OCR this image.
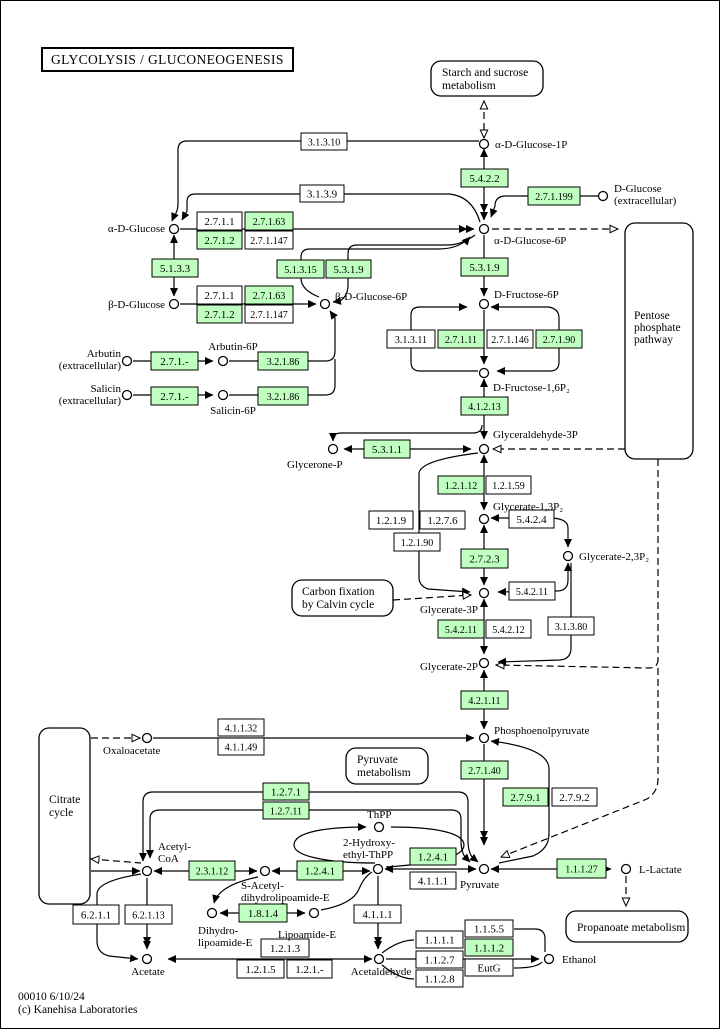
Starch and sucrose
metabolism
Pentose
phosphate
pathway
Carbon fixation
by Calvin cycle
Pyruvate
metabolism
Citrate
cycle
Propanoate metabolism
3.1.3.10
3.1.3.9
5.4.2.2
2.7.1.199
2.7.1.1 2.7.1.63
2.7.1.2 2.7.1.147
5.1.3.3	5.1.3.15 5.3.1.9
2.7.1.1 2.7.1.63
2.7.1.2 2.7.1.147
2.7.1.-	3.2.1.86
2.7.1.-	3.2.1.86
5.3.1.9
3.1.3.11 2.7.1.11 2.7.1.146 2.7.1.90
4.1.2.13
5.3.1.1
1.2.1.12 1.2.1.59
1.2.1.9 1.2.7.6
1.2.1.90
5.4.2.4
2.7.2.3
5.4.2.11
5.4.2.11 5.4.2.12	3.1.3.80
4.2.1.11
4.1.1.32
4.1.1.49
2.7.1.40
2.7.9.1 2.7.9.2
1.2.7.1
1.2.7.11
1.1.1.27
2.3.1.12	1.2.4.1
1.2.4.1
4.1.1.1
6.2.1.1 6.2.1.13	1.8.1.4	4.1.1.1
1.2.1.3
1.2.1.5 1.2.1.-
1.1.1.1
1.1.2.7
1.1.2.8
1.1.5.5
1.1.1.2
EutG
α-D-Glucose-1P
D-Glucose
(extracellular)
α-D-Glucose
α-D-Glucose-6P
β-D-Glucose
β-D-Glucose-6P	D-Fructose-6P
Arbutin
(extracellular)
Arbutin-6P
Salicin
(extracellular)
Salicin-6P
D-Fructose-1,6P₂
Glyceraldehyde-3P
Glycerone-P
Glycerate-1,3P₂
Glycerate-2,3P₂
Glycerate-3P
Glycerate-2P
Phosphoenolpyruvate
Oxaloacetate
ThPP
2-Hydroxy-
ethyl-ThPP
Acetyl-
CoA
S-Acetyl-
dihydrolipoamide-E
Pyruvate
L-Lactate
Dihydro-
lipoamide-E
Lipoamide-E
Acetate	Acetaldehyde
Ethanol
GLYCOLYSIS / GLUCONEOGENESIS
00010 6/10/24
(c) Kanehisa Laboratories
